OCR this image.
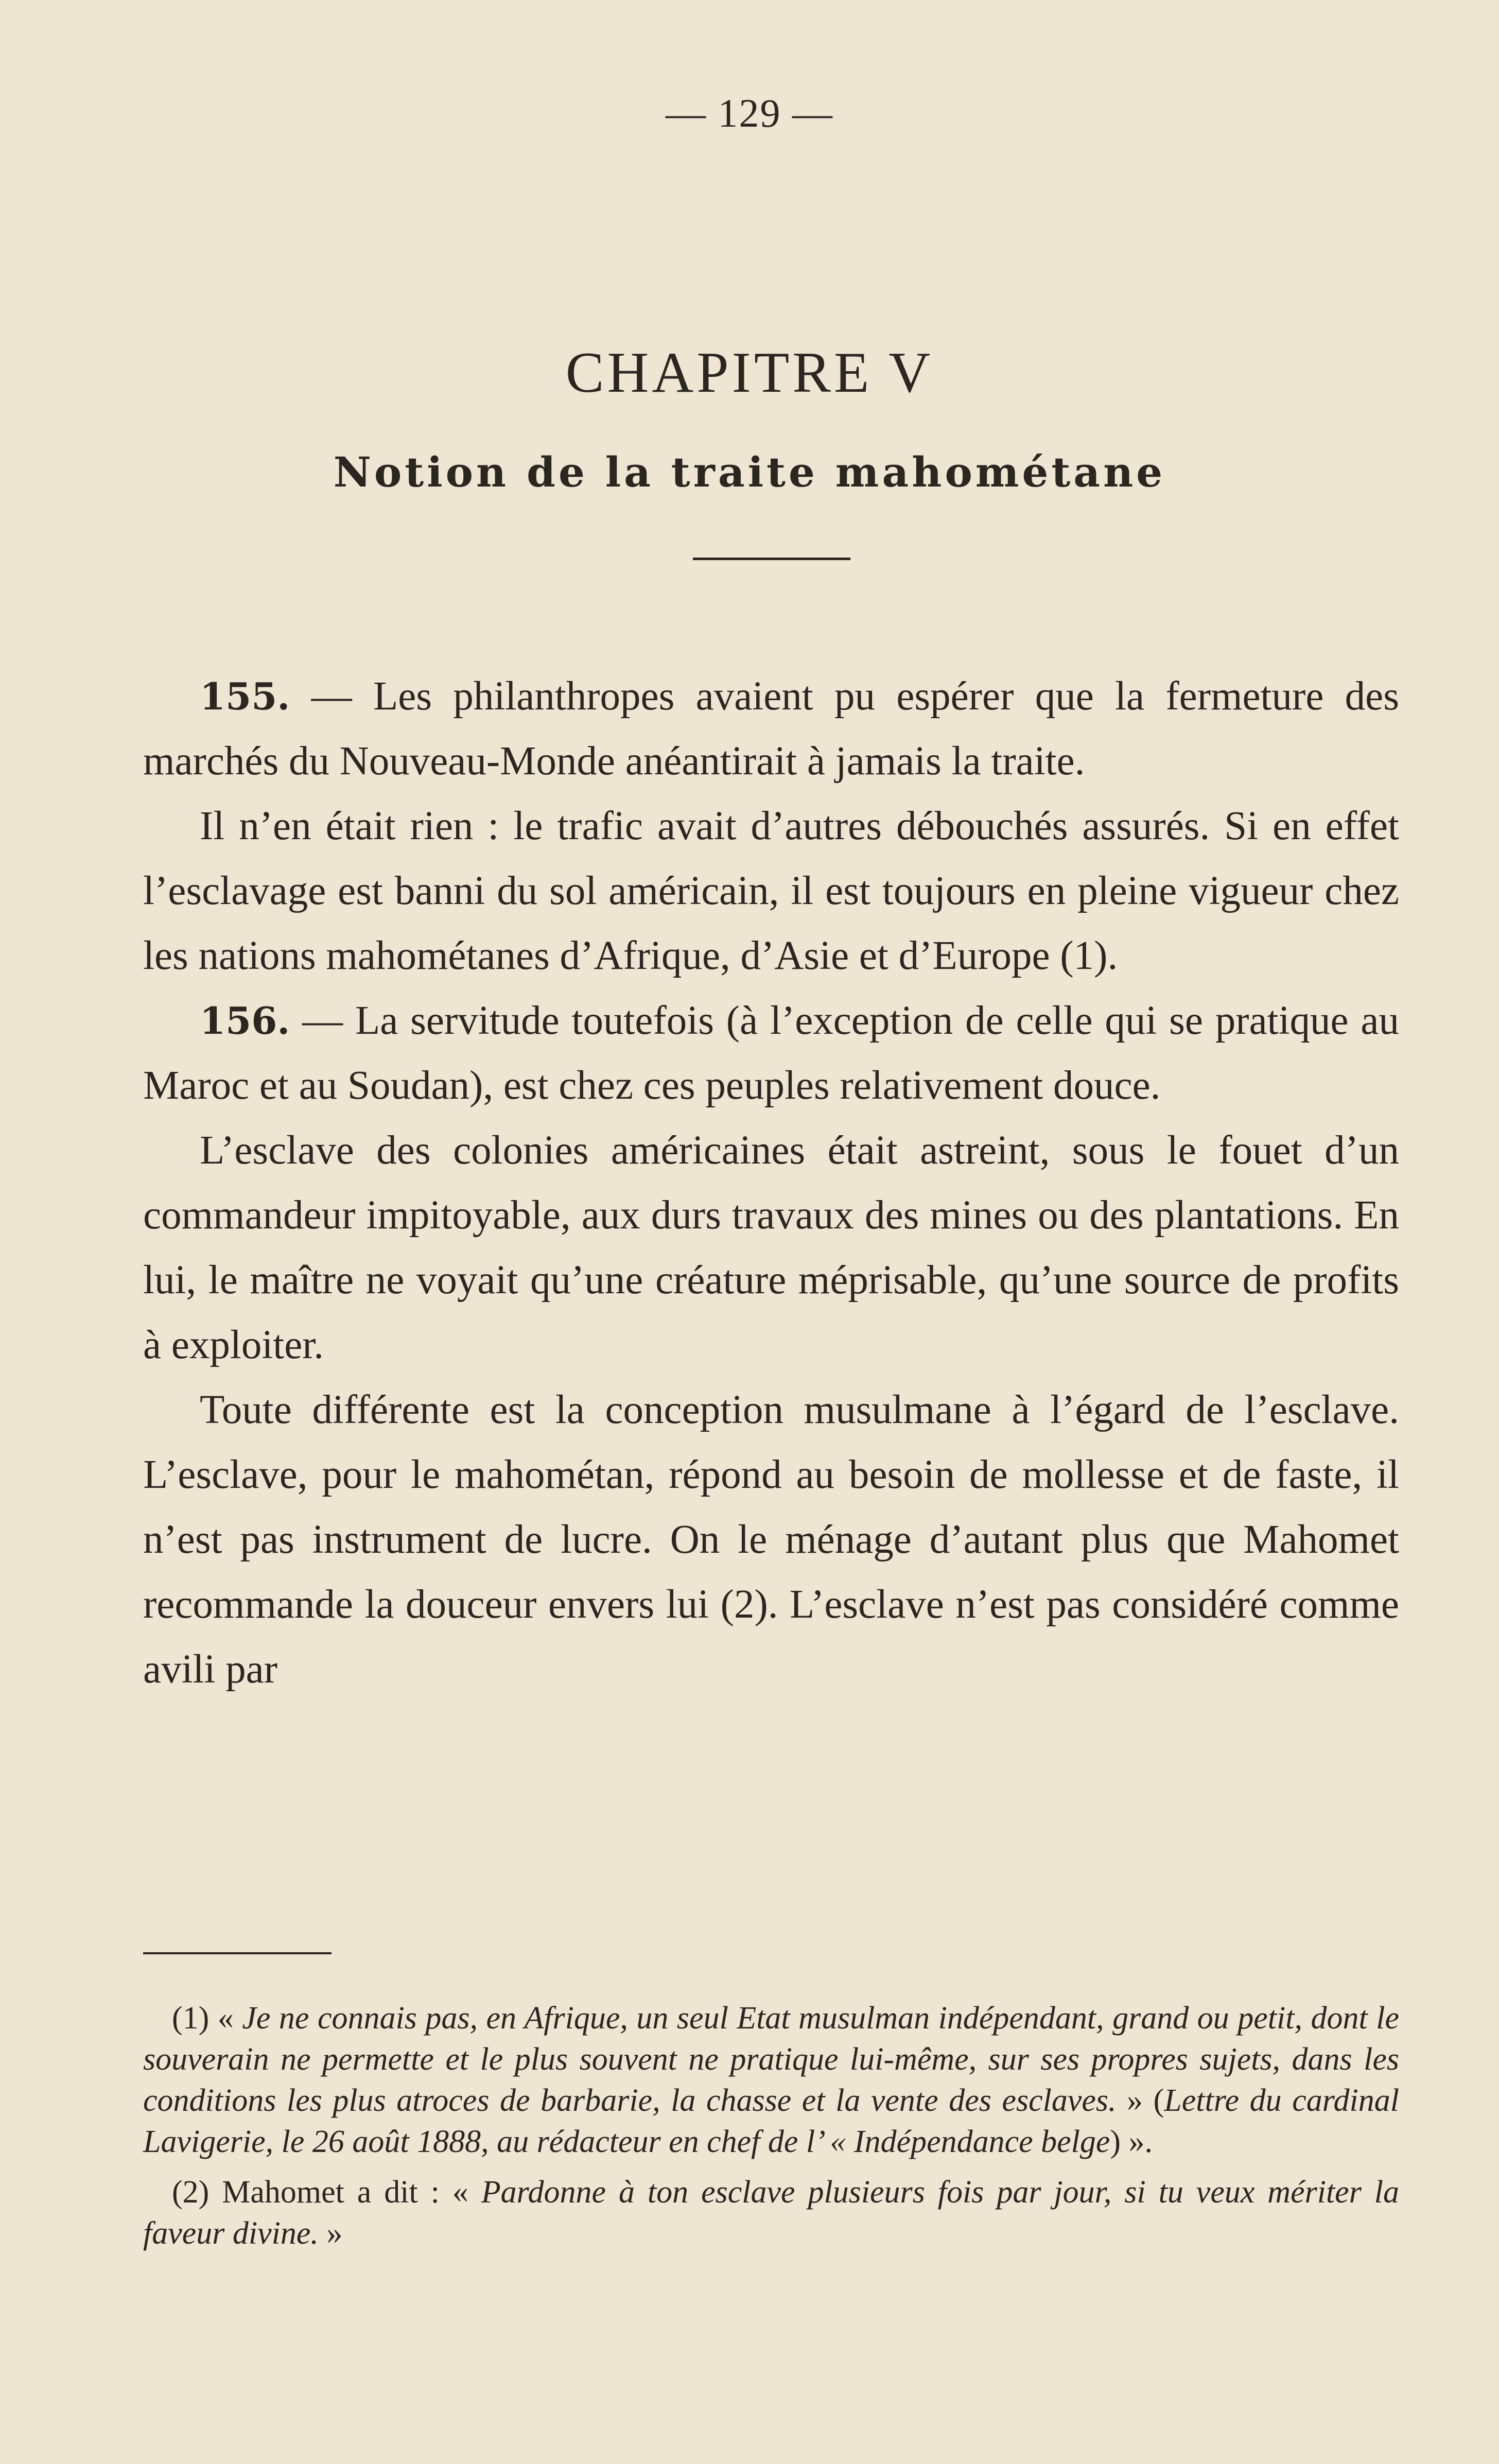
— 129 —
CHAPITRE V
Notion de la traite mahométane

155. — Les philanthropes avaient pu espérer que la fermeture des marchés du Nouveau-Monde anéantirait à jamais la traite.

Il n’en était rien : le trafic avait d’autres débouchés assurés. Si en effet l’esclavage est banni du sol américain, il est toujours en pleine vigueur chez les nations mahométanes d’Afrique, d’Asie et d’Europe (1).

156. — La servitude toutefois (à l’exception de celle qui se pratique au Maroc et au Soudan), est chez ces peuples relativement douce.

L’esclave des colonies américaines était astreint, sous le fouet d’un commandeur impitoyable, aux durs travaux des mines ou des plantations. En lui, le maître ne voyait qu’une créature méprisable, qu’une source de profits à exploiter.

Toute différente est la conception musulmane à l’égard de l’esclave. L’esclave, pour le mahométan, répond au besoin de mollesse et de faste, il n’est pas instrument de lucre. On le ménage d’autant plus que Mahomet recommande la douceur envers lui (2). L’esclave n’est pas considéré comme avili par

(1) « Je ne connais pas, en Afrique, un seul Etat musulman indépendant, grand ou petit, dont le souverain ne permette et le plus souvent ne pratique lui-même, sur ses propres sujets, dans les conditions les plus atroces de barbarie, la chasse et la vente des esclaves. » (Lettre du cardinal Lavigerie, le 26 août 1888, au rédacteur en chef de l’ « Indépendance belge) ».

(2) Mahomet a dit : « Pardonne à ton esclave plusieurs fois par jour, si tu veux mériter la faveur divine. »
